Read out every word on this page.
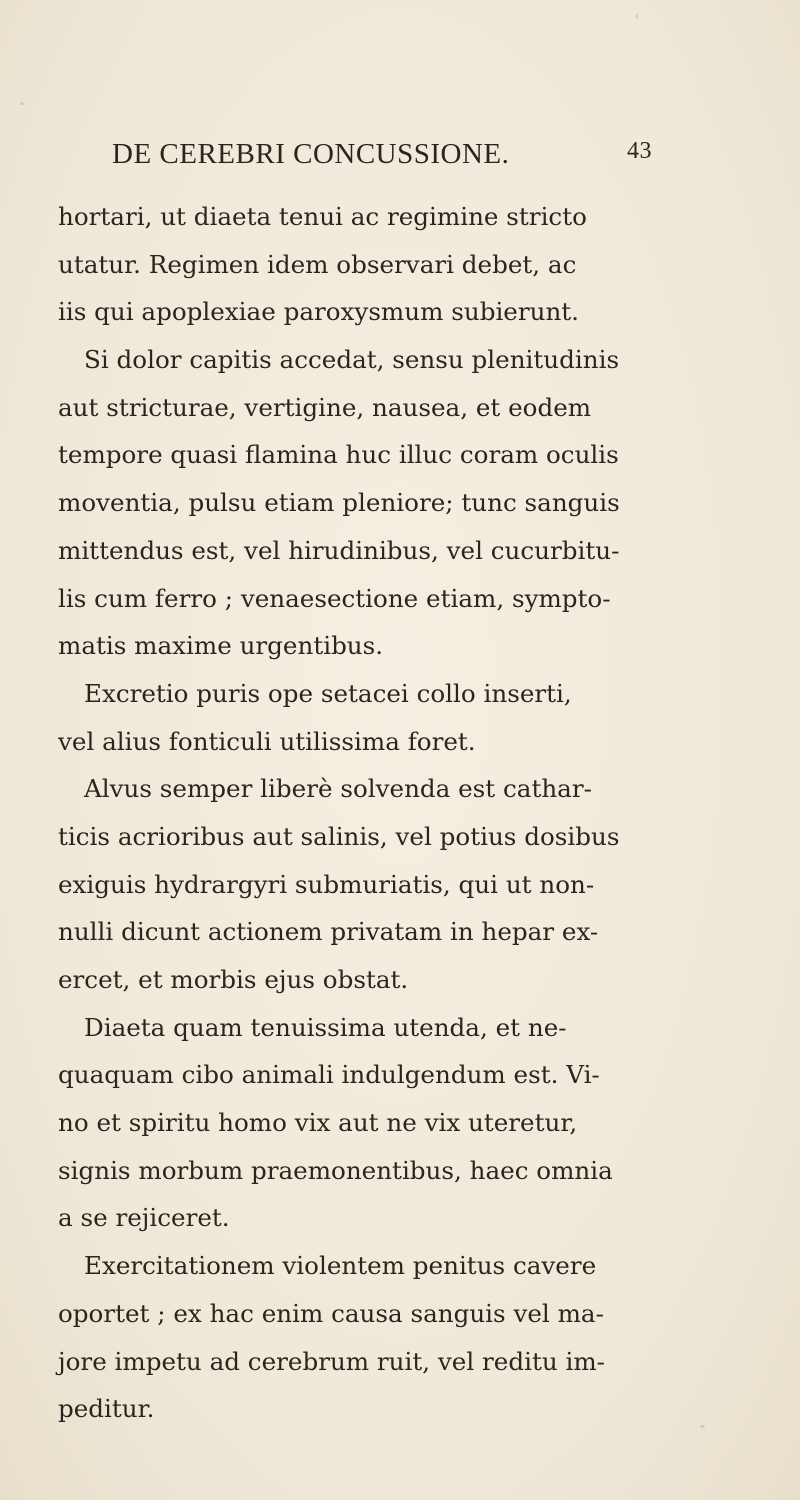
DE CEREBRI CONCUSSIONE.	43
hortari, ut diaeta tenui ac regimine stricto
utatur. Regimen idem observari debet, ac
iis qui apoplexiae paroxysmum subierunt.
Si dolor capitis accedat, sensu plenitudinis
aut stricturae, vertigine, nausea, et eodem
tempore quasi flamina huc illuc coram oculis
moventia, pulsu etiam pleniore; tunc sanguis
mittendus est, vel hirudinibus, vel cucurbitu-
lis cum ferro ; venaesectione etiam, sympto-
matis maxime urgentibus.
Excretio puris ope setacei collo inserti,
vel alius fonticuli utilissima foret.
Alvus semper liberè solvenda est cathar-
ticis acrioribus aut salinis, vel potius dosibus
exiguis hydrargyri submuriatis, qui ut non-
nulli dicunt actionem privatam in hepar ex-
ercet, et morbis ejus obstat.
Diaeta quam tenuissima utenda, et ne-
quaquam cibo animali indulgendum est. Vi-
no et spiritu homo vix aut ne vix uteretur,
signis morbum praemonentibus, haec omnia
a se rejiceret.
Exercitationem violentem penitus cavere
oportet ; ex hac enim causa sanguis vel ma-
jore impetu ad cerebrum ruit, vel reditu im-
peditur.
